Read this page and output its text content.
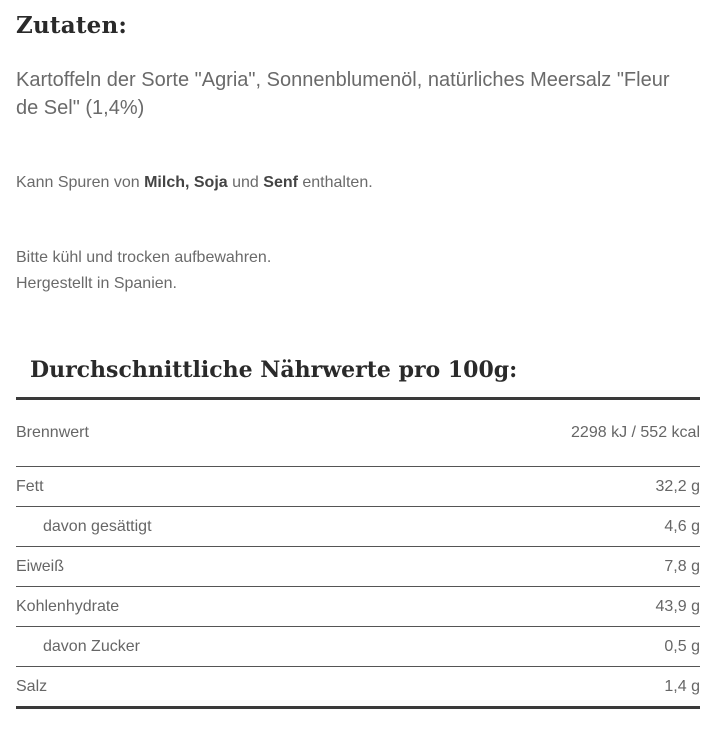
Zutaten:

Kartoffeln der Sorte "Agria", Sonnenblumenöl, natürliches Meersalz "Fleur de Sel" (1,4%)

Kann Spuren von Milch, Soja und Senf enthalten.

Bitte kühl und trocken aufbewahren.
Hergestellt in Spanien.
Durchschnittliche Nährwerte pro 100g:
Brennwert	2298 kJ / 552 kcal
Fett	32,2 g
davon gesättigt	4,6 g
Eiweiß	7,8 g
Kohlenhydrate	43,9 g
davon Zucker	0,5 g
Salz	1,4 g
